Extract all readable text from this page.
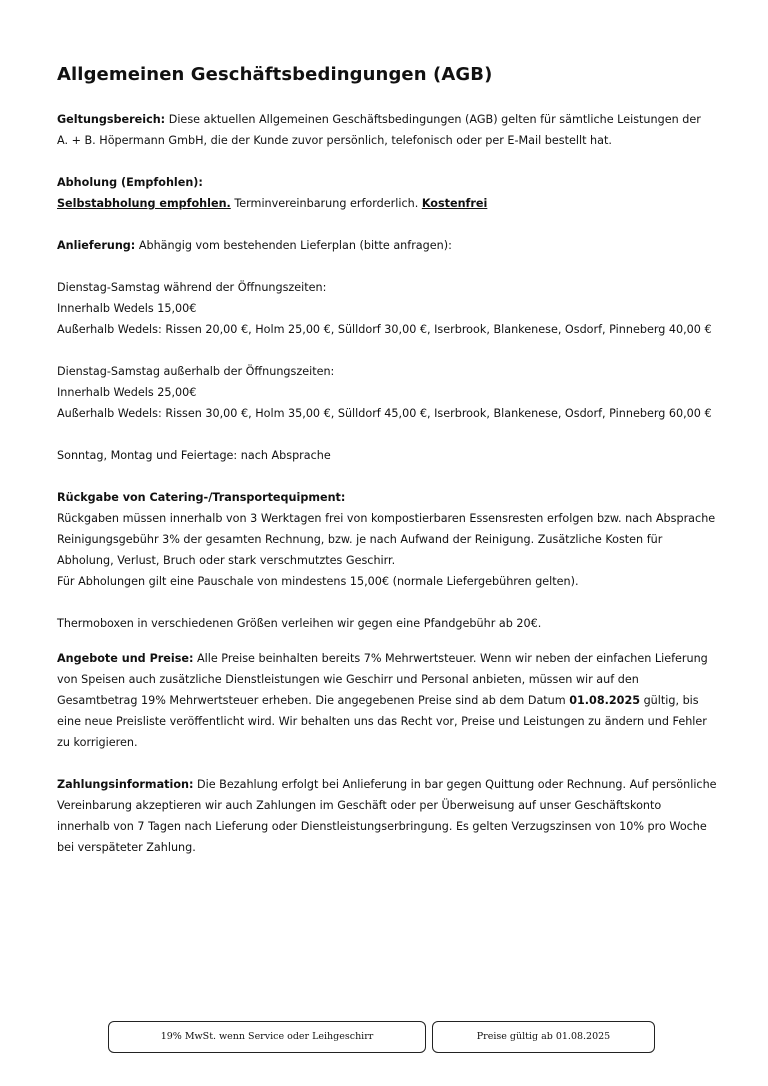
Allgemeinen Geschäftsbedingungen (AGB)

Geltungsbereich: Diese aktuellen Allgemeinen Geschäftsbedingungen (AGB) gelten für sämtliche Leistungen der

A. + B. Höpermann GmbH, die der Kunde zuvor persönlich, telefonisch oder per E-Mail bestellt hat.

Abholung (Empfohlen):

Selbstabholung empfohlen. Terminvereinbarung erforderlich. Kostenfrei

Anlieferung: Abhängig vom bestehenden Lieferplan (bitte anfragen):

Dienstag-Samstag während der Öffnungszeiten:

Innerhalb Wedels 15,00€

Außerhalb Wedels: Rissen 20,00 €, Holm 25,00 €, Sülldorf 30,00 €, Iserbrook, Blankenese, Osdorf, Pinneberg 40,00 €

Dienstag-Samstag außerhalb der Öffnungszeiten:

Innerhalb Wedels 25,00€

Außerhalb Wedels: Rissen 30,00 €, Holm 35,00 €, Sülldorf 45,00 €, Iserbrook, Blankenese, Osdorf, Pinneberg 60,00 €

Sonntag, Montag und Feiertage: nach Absprache

Rückgabe von Catering-/Transportequipment:

Rückgaben müssen innerhalb von 3 Werktagen frei von kompostierbaren Essensresten erfolgen bzw. nach Absprache

Reinigungsgebühr 3% der gesamten Rechnung, bzw. je nach Aufwand der Reinigung. Zusätzliche Kosten für Abholung, Verlust, Bruch oder stark verschmutztes Geschirr.

Für Abholungen gilt eine Pauschale von mindestens 15,00€ (normale Liefergebühren gelten).

Thermoboxen in verschiedenen Größen verleihen wir gegen eine Pfandgebühr ab 20€.

Angebote und Preise: Alle Preise beinhalten bereits 7% Mehrwertsteuer. Wenn wir neben der einfachen Lieferung von Speisen auch zusätzliche Dienstleistungen wie Geschirr und Personal anbieten, müssen wir auf den Gesamtbetrag 19% Mehrwertsteuer erheben. Die angegebenen Preise sind ab dem Datum 01.08.2025 gültig, bis eine neue Preisliste veröffentlicht wird. Wir behalten uns das Recht vor, Preise und Leistungen zu ändern und Fehler zu korrigieren.

Zahlungsinformation: Die Bezahlung erfolgt bei Anlieferung in bar gegen Quittung oder Rechnung. Auf persönliche Vereinbarung akzeptieren wir auch Zahlungen im Geschäft oder per Überweisung auf unser Geschäftskonto innerhalb von 7 Tagen nach Lieferung oder Dienstleistungserbringung. Es gelten Verzugszinsen von 10% pro Woche bei verspäteter Zahlung.

19% MwSt. wenn Service oder Leihgeschirr	Preise gültig ab 01.08.2025
